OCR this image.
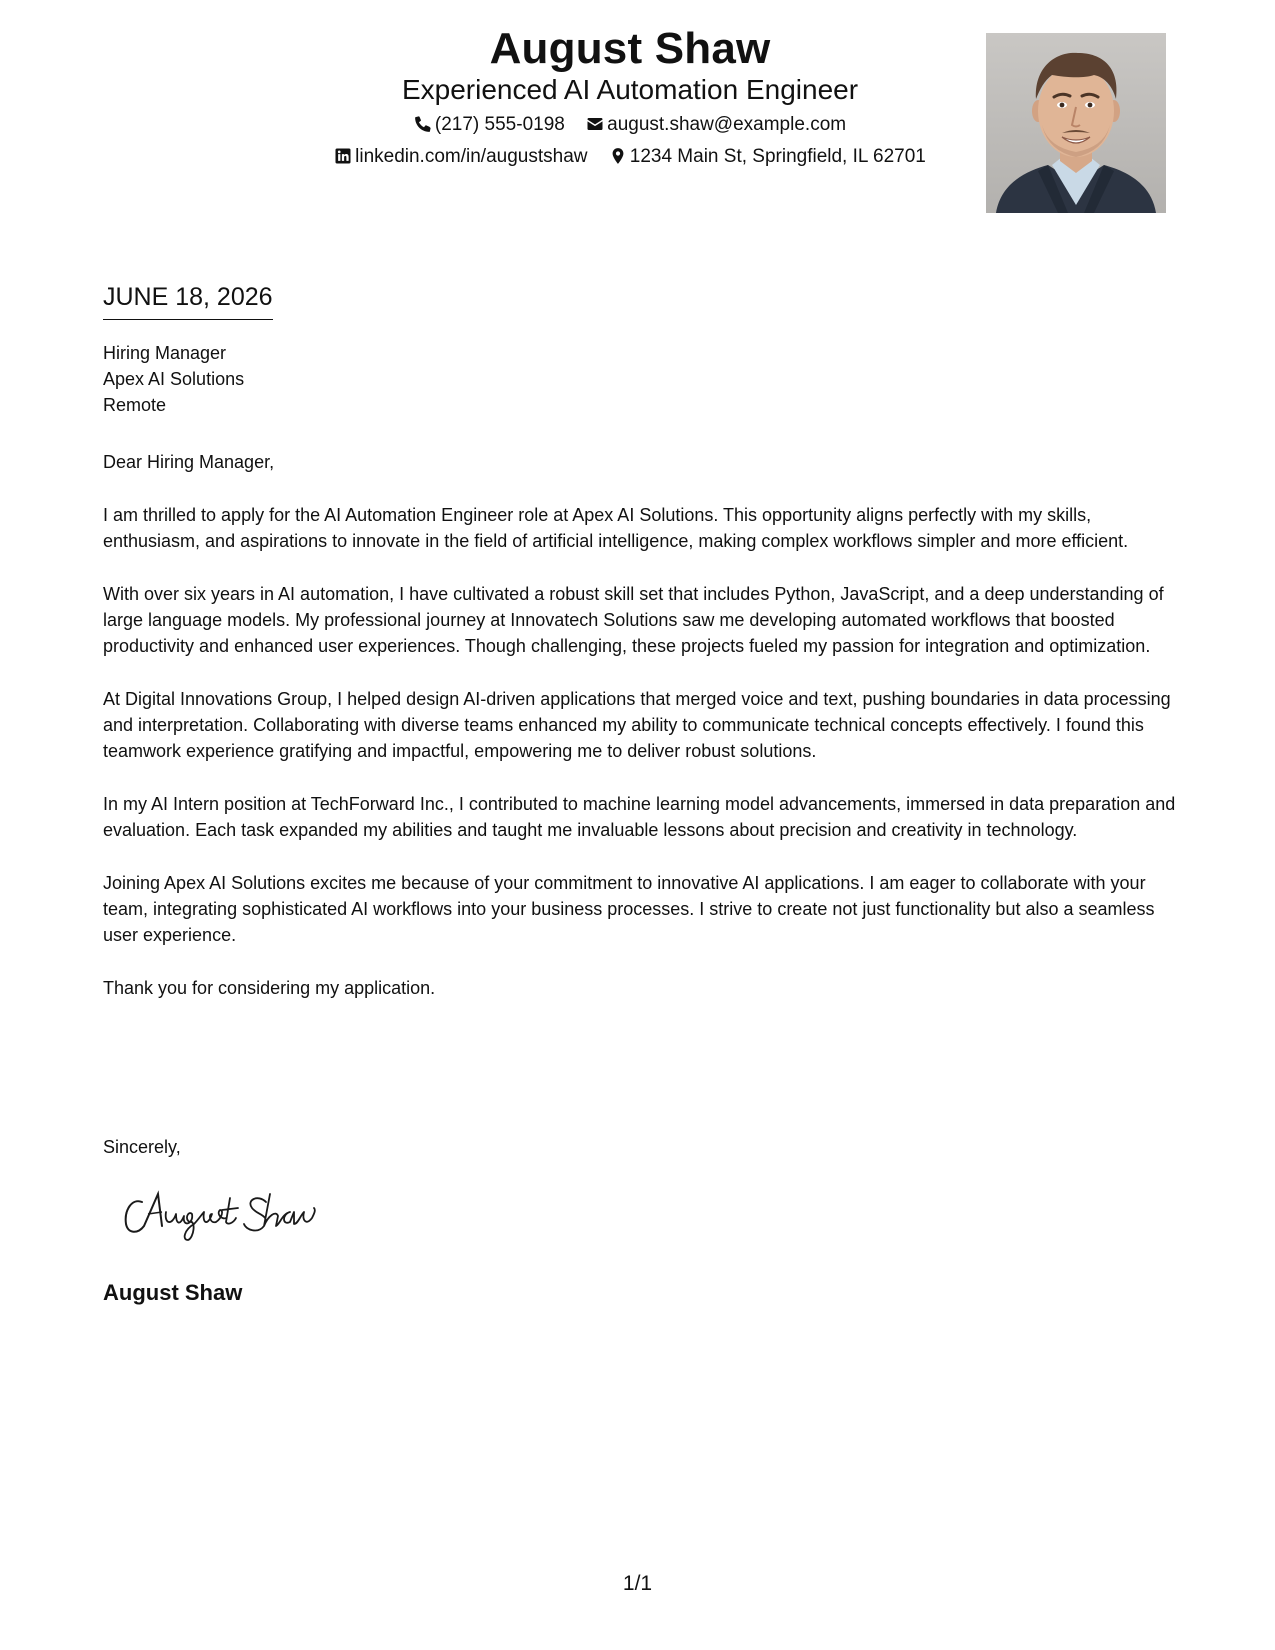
August Shaw
Experienced AI Automation Engineer
(217) 555-0198 august.shaw@example.com
linkedin.com/in/augustshaw 1234 Main St, Springfield, IL 62701
JUNE 18, 2026
Hiring Manager
Apex AI Solutions
Remote

Dear Hiring Manager,

I am thrilled to apply for the AI Automation Engineer role at Apex AI Solutions. This opportunity aligns perfectly with my skills, enthusiasm, and aspirations to innovate in the field of artificial intelligence, making complex workflows simpler and more efficient.

With over six years in AI automation, I have cultivated a robust skill set that includes Python, JavaScript, and a deep understanding of large language models. My professional journey at Innovatech Solutions saw me developing automated workflows that boosted productivity and enhanced user experiences. Though challenging, these projects fueled my passion for integration and optimization.

At Digital Innovations Group, I helped design AI-driven applications that merged voice and text, pushing boundaries in data processing and interpretation. Collaborating with diverse teams enhanced my ability to communicate technical concepts effectively. I found this teamwork experience gratifying and impactful, empowering me to deliver robust solutions.

In my AI Intern position at TechForward Inc., I contributed to machine learning model advancements, immersed in data preparation and evaluation. Each task expanded my abilities and taught me invaluable lessons about precision and creativity in technology.

Joining Apex AI Solutions excites me because of your commitment to innovative AI applications. I am eager to collaborate with your team, integrating sophisticated AI workflows into your business processes. I strive to create not just functionality but also a seamless user experience.

Thank you for considering my application.

Sincerely,
August Shaw
1/1
